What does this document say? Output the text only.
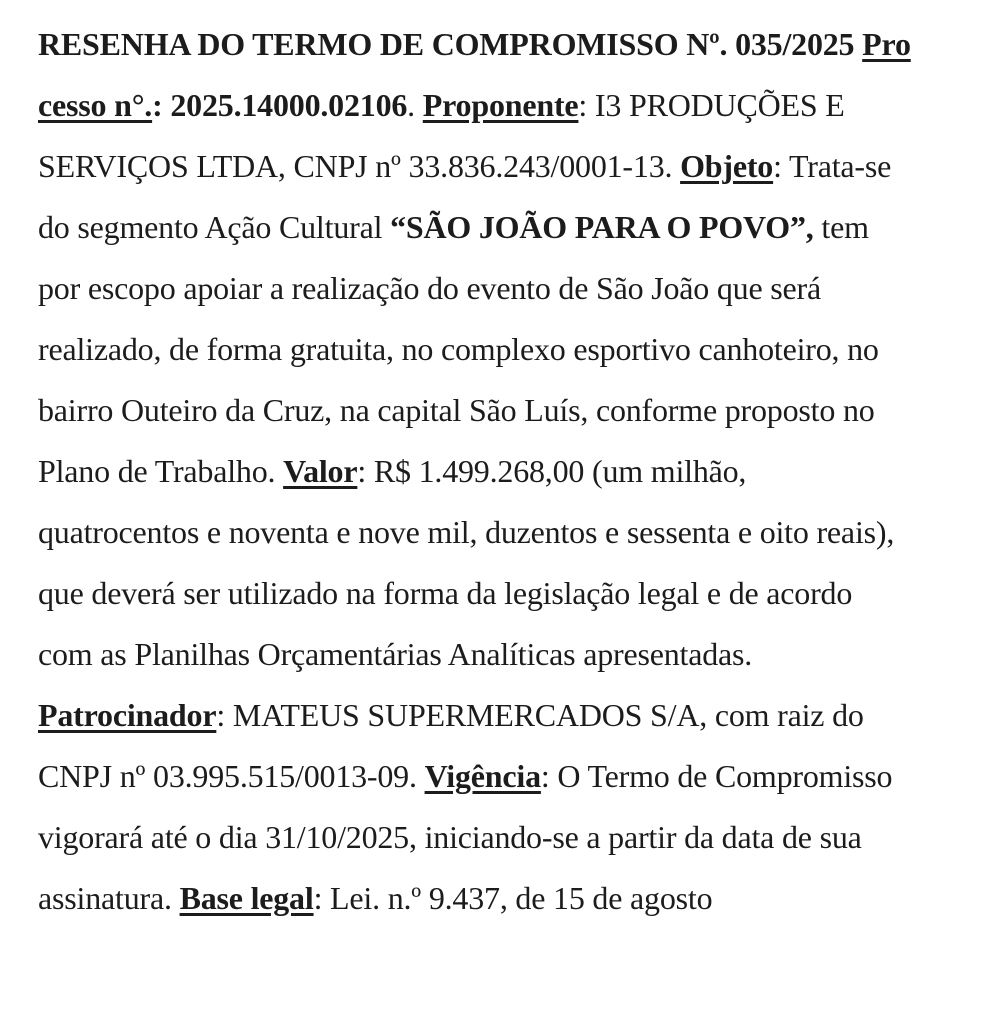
RESENHA DO TERMO DE COMPROMISSO Nº. 035/2025 Pro
cesso n°.: 2025.14000.02106. Proponente: I3 PRODUÇÕES E
SERVIÇOS LTDA, CNPJ nº 33.836.243/0001-13. Objeto: Trata-se
do segmento Ação Cultural “SÃO JOÃO PARA O POVO”, tem
por escopo apoiar a realização do evento de São João que será
realizado, de forma gratuita, no complexo esportivo canhoteiro, no
bairro Outeiro da Cruz, na capital São Luís, conforme proposto no
Plano de Trabalho. Valor: R$ 1.499.268,00 (um milhão,
quatrocentos e noventa e nove mil, duzentos e sessenta e oito reais),
que deverá ser utilizado na forma da legislação legal e de acordo
com as Planilhas Orçamentárias Analíticas apresentadas.
Patrocinador: MATEUS SUPERMERCADOS S/A, com raiz do
CNPJ nº 03.995.515/0013-09. Vigência: O Termo de Compromisso
vigorará até o dia 31/10/2025, iniciando-se a partir da data de sua
assinatura. Base legal: Lei. n.º 9.437, de 15 de agosto
